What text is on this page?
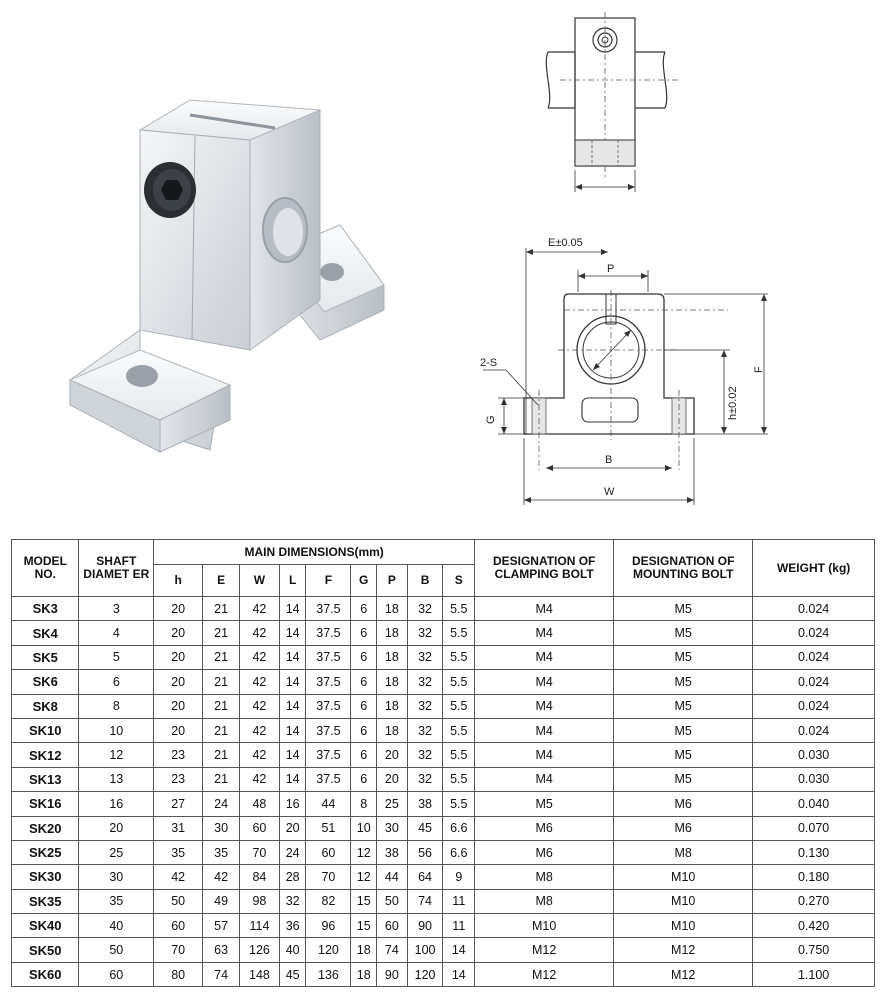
E±0.05
P
2-S
G	h±0.02
F
B
W
MODEL NO.	SHAFT DIAMET ER	MAIN DIMENSIONS(mm)									DESIGNATION OF CLAMPING BOLT	DESIGNATION OF MOUNTING BOLT	WEIGHT (kg)
		h	E	W	L	F	G	P	B	S			
SK3	3	20	21	42	14	37.5	6	18	32	5.5	M4	M5	0.024
SK4	4	20	21	42	14	37.5	6	18	32	5.5	M4	M5	0.024
SK5	5	20	21	42	14	37.5	6	18	32	5.5	M4	M5	0.024
SK6	6	20	21	42	14	37.5	6	18	32	5.5	M4	M5	0.024
SK8	8	20	21	42	14	37.5	6	18	32	5.5	M4	M5	0.024
SK10	10	20	21	42	14	37.5	6	18	32	5.5	M4	M5	0.024
SK12	12	23	21	42	14	37.5	6	20	32	5.5	M4	M5	0.030
SK13	13	23	21	42	14	37.5	6	20	32	5.5	M4	M5	0.030
SK16	16	27	24	48	16	44	8	25	38	5.5	M5	M6	0.040
SK20	20	31	30	60	20	51	10	30	45	6.6	M6	M6	0.070
SK25	25	35	35	70	24	60	12	38	56	6.6	M6	M8	0.130
SK30	30	42	42	84	28	70	12	44	64	9	M8	M10	0.180
SK35	35	50	49	98	32	82	15	50	74	11	M8	M10	0.270
SK40	40	60	57	114	36	96	15	60	90	11	M10	M10	0.420
SK50	50	70	63	126	40	120	18	74	100	14	M12	M12	0.750
SK60	60	80	74	148	45	136	18	90	120	14	M12	M12	1.100
